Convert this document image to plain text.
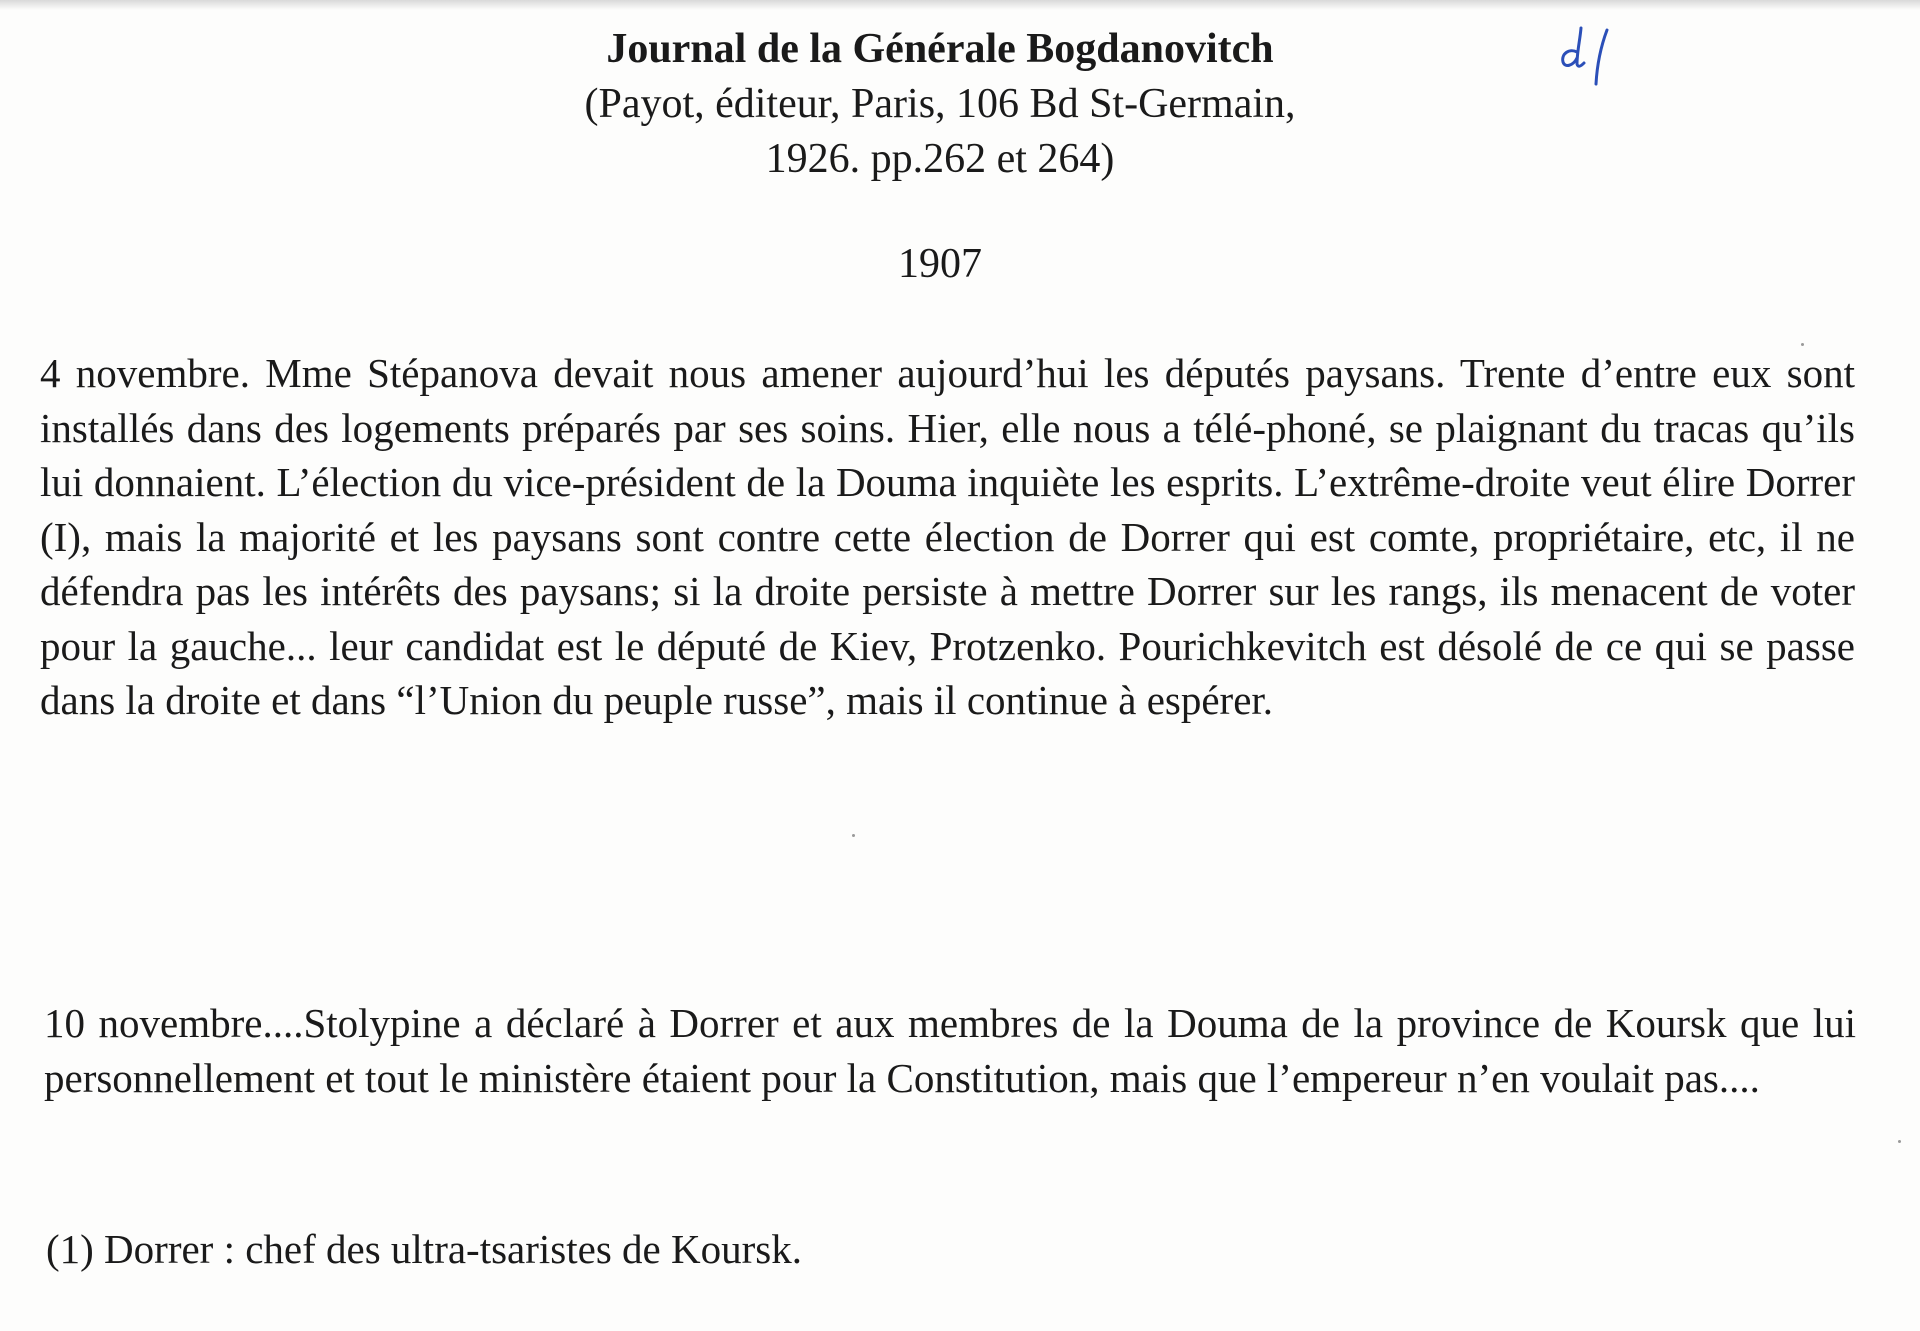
Journal de la Générale Bogdanovitch
(Payot, éditeur, Paris, 106 Bd St-Germain,
1926. pp.262 et 264)
1907

4 novembre. Mme Stépanova devait nous amener aujourd’hui les députés paysans. Trente d’entre eux sont installés dans des logements préparés par ses soins. Hier, elle nous a télé-phoné, se plaignant du tracas qu’ils lui donnaient. L’élection du vice-président de la Douma inquiète les esprits. L’extrême-droite veut élire Dorrer (I), mais la majorité et les paysans sont contre cette élection de Dorrer qui est comte, propriétaire, etc, il ne défendra pas les intérêts des paysans; si la droite persiste à mettre Dorrer sur les rangs, ils menacent de voter pour la gauche... leur candidat est le député de Kiev, Protzenko. Pourichkevitch est désolé de ce qui se passe dans la droite et dans “l’Union du peuple russe”, mais il continue à espérer.

10 novembre....Stolypine a déclaré à Dorrer et aux membres de la Douma de la province de Koursk que lui personnellement et tout le ministère étaient pour la Constitution, mais que l’empereur n’en voulait pas....

(1) Dorrer : chef des ultra-tsaristes de Koursk.
